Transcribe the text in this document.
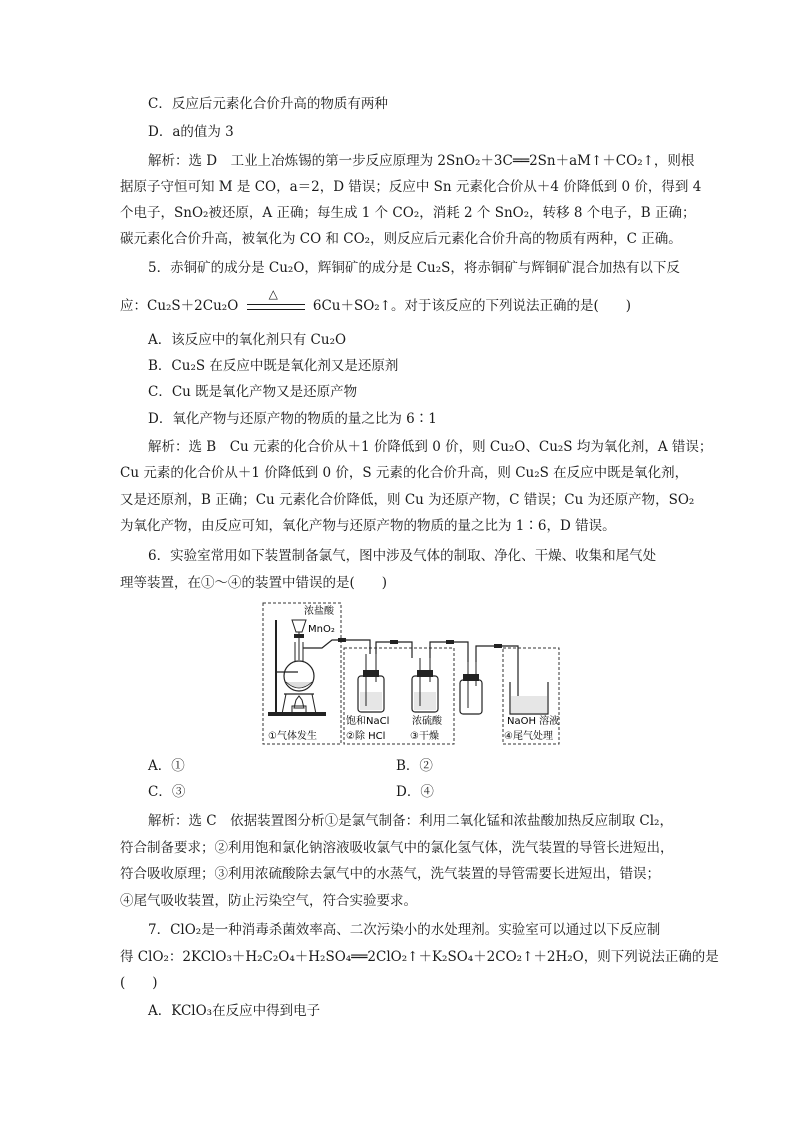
C．反应后元素化合价升高的物质有两种
D．a的值为 3
解析：选 D　工业上冶炼锡的第一步反应原理为 2SnO₂＋3C══2Sn＋aM↑＋CO₂↑，则根
据原子守恒可知 M 是 CO，a＝2，D 错误；反应中 Sn 元素化合价从＋4 价降低到 0 价，得到 4
个电子，SnO₂被还原，A 正确；每生成 1 个 CO₂，消耗 2 个 SnO₂，转移 8 个电子，B 正确；
碳元素化合价升高，被氧化为 CO 和 CO₂，则反应后元素化合价升高的物质有两种，C 正确。
5．赤铜矿的成分是 Cu₂O，辉铜矿的成分是 Cu₂S，将赤铜矿与辉铜矿混合加热有以下反
应：Cu₂S＋2Cu₂O
△
6Cu＋SO₂↑。对于该反应的下列说法正确的是(　　)
A．该反应中的氧化剂只有 Cu₂O
B．Cu₂S 在反应中既是氧化剂又是还原剂
C．Cu 既是氧化产物又是还原产物
D．氧化产物与还原产物的物质的量之比为 6∶1
解析：选 B　Cu 元素的化合价从＋1 价降低到 0 价，则 Cu₂O、Cu₂S 均为氧化剂，A 错误；
Cu 元素的化合价从＋1 价降低到 0 价，S 元素的化合价升高，则 Cu₂S 在反应中既是氧化剂，
又是还原剂，B 正确；Cu 元素化合价降低，则 Cu 为还原产物，C 错误；Cu 为还原产物，SO₂
为氧化产物，由反应可知，氧化产物与还原产物的物质的量之比为 1∶6，D 错误。
6．实验室常用如下装置制备氯气，图中涉及气体的制取、净化、干燥、收集和尾气处
理等装置，在①～④的装置中错误的是(　　)
浓盐酸
MnO₂
饱和NaCl
②除 HCl
浓硫酸
③干燥
NaOH 溶液
④尾气处理
①气体发生
A．①	B．②
C．③	D．④
解析：选 C　依据装置图分析①是氯气制备：利用二氧化锰和浓盐酸加热反应制取 Cl₂，
符合制备要求；②利用饱和氯化钠溶液吸收氯气中的氯化氢气体，洗气装置的导管长进短出，
符合吸收原理；③利用浓硫酸除去氯气中的水蒸气，洗气装置的导管需要长进短出，错误；
④尾气吸收装置，防止污染空气，符合实验要求。
7．ClO₂是一种消毒杀菌效率高、二次污染小的水处理剂。实验室可以通过以下反应制
得 ClO₂：2KClO₃＋H₂C₂O₄＋H₂SO₄══2ClO₂↑＋K₂SO₄＋2CO₂↑＋2H₂O，则下列说法正确的是
(　　)
A．KClO₃在反应中得到电子
